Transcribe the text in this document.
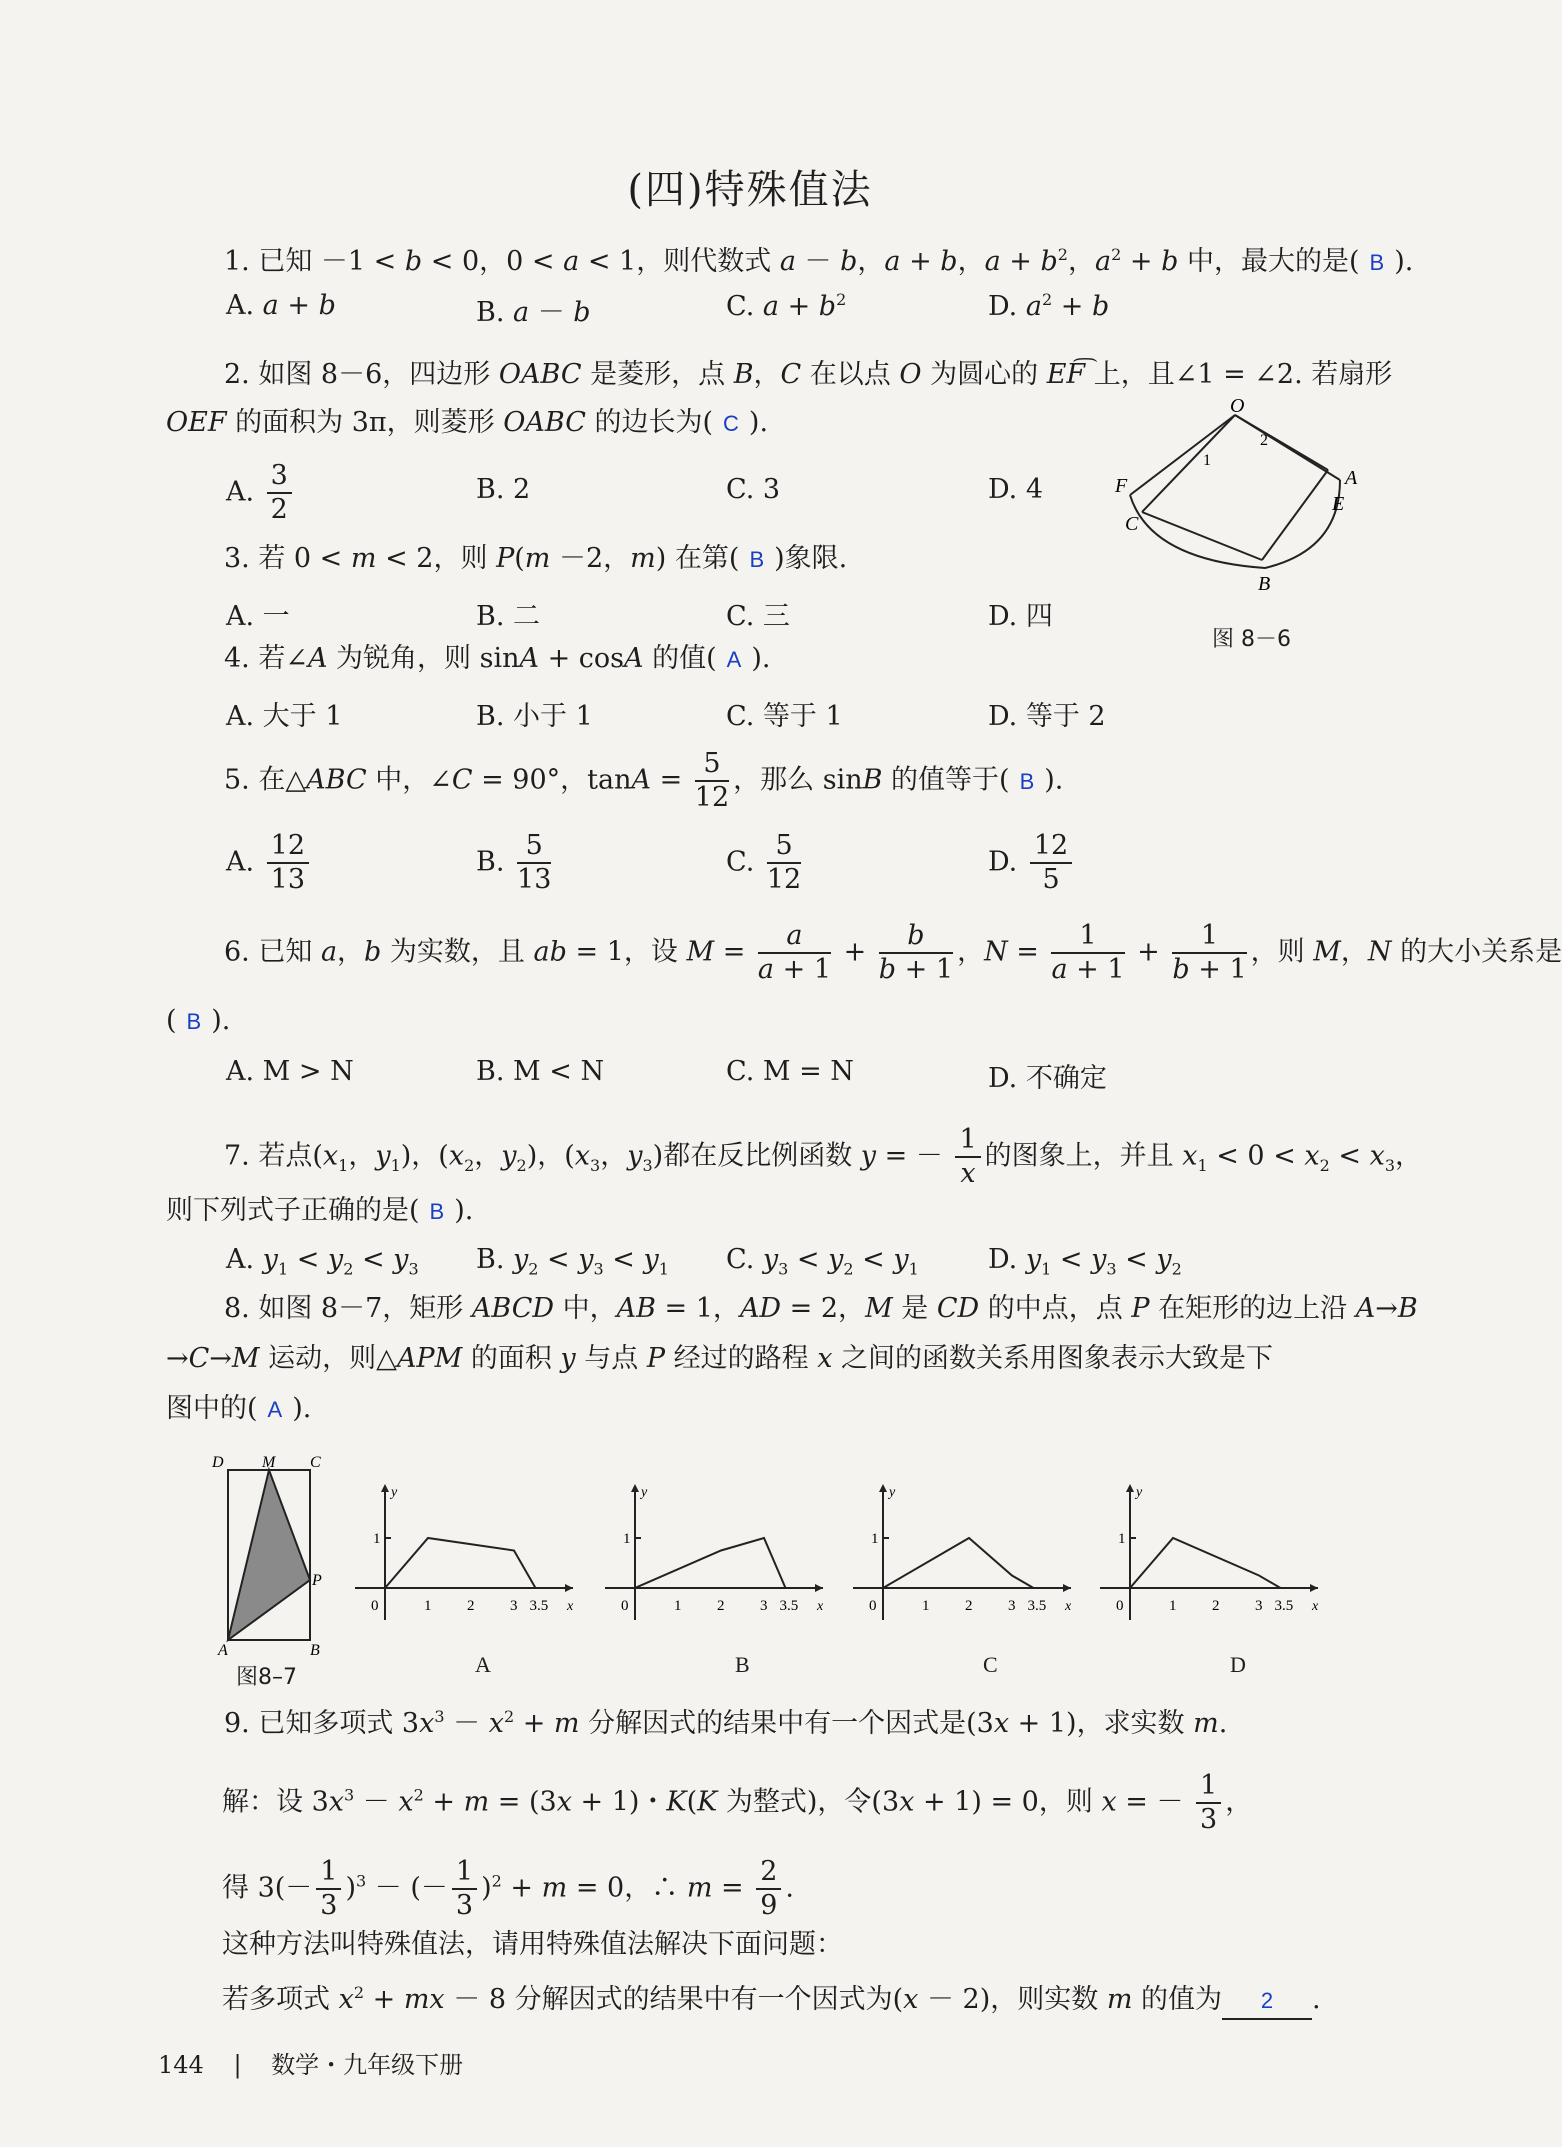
(四)特殊值法
1. 已知 －1 < b < 0，0 < a < 1，则代数式 a － b，a + b，$a + b^2$，$a^2 + b$ 中，最大的是( B ).
A. a + b	B. a － b	C. $a + b^2$	D. $a^2 + b$
2. 如图 8－6，四边形 OABC 是菱形，点 B，C 在以点 O 为圆心的 EF͡ 上，且∠1 = ∠2. 若扇形
OEF 的面积为 3π，则菱形 OABC 的边长为( C ).
A. $\frac{3}{2}$	B. 2	C. 3	D. 4
O
F
C
A
E
B
1
2
图 8－6
3. 若 0 < m < 2，则 P(m －2，m) 在第( B )象限.
A. 一	B. 二	C. 三	D. 四
4. 若∠A 为锐角，则 sinA + cosA 的值( A ).
A. 大于 1	B. 小于 1	C. 等于 1	D. 等于 2
5. 在△ABC 中，∠C = 90°，$\tan A = \frac{5}{12}$ ，那么 sinB 的值等于( B ).
A. $\frac{12}{13}$	B. $\frac{5}{13}$	C. $\frac{5}{12}$	D. $\frac{12}{5}$
6. 已知 a，b 为实数，且 ab = 1，设 $M = \frac{a}{a + 1} + \frac{b}{b + 1}$ ，$N = \frac{1}{a + 1} + \frac{1}{b + 1}$ ，则 M，N 的大小关系是
( B ).
A. M > N	B. M < N	C. M = N	D. 不确定
7. 若点($x_1$，$y_1$)，($x_2$，$y_2$)，($x_3$，$y_3$)都在反比例函数 y = － $\frac{1}{x}$ 的图象上，并且 $x_1 < 0 < x_2 < x_3$，
则下列式子正确的是( B ).
A. $y_1 < y_2 < y_3$ B. $y_2 < y_3 < y_1$ C. $y_3 < y_2 < y_1$	D. $y_1 < y_3 < y_2$
8. 如图 8－7，矩形 ABCD 中，AB = 1，AD = 2，M 是 CD 的中点，点 P 在矩形的边上沿 A→B
→C→M 运动，则△APM 的面积 y 与点 P 经过的路程 x 之间的函数关系用图象表示大致是下
图中的( A ).
D M C
P
A	B
图8–7
y
x
1
0	1 2 3 3.5
A
y
x
1
0	1 2 3 3.5
B
y
x
1
0	1 2 3 3.5
C
y
x
1
0	1 2 3 3.5
D
9. 已知多项式 $3x^3 - x^2 + m$ 分解因式的结果中有一个因式是(3x + 1)，求实数 m.
解：设 $3x^3 - x^2 + m = (3x + 1)$・K(K 为整式)，令(3x + 1) = 0，则 x = － $\frac{1}{3}$ ，
得 $3(- \frac{1}{3} )^3$ － (－ $\frac{1}{3} )^2 + m = 0$，∴ $m = \frac{2}{9}$ .
这种方法叫特殊值法，请用特殊值法解决下面问题：
若多项式 $x^2$ + mx － 8 分解因式的结果中有一个因式为(x － 2)，则实数 m 的值为 2 .
144 | 数学・九年级下册
